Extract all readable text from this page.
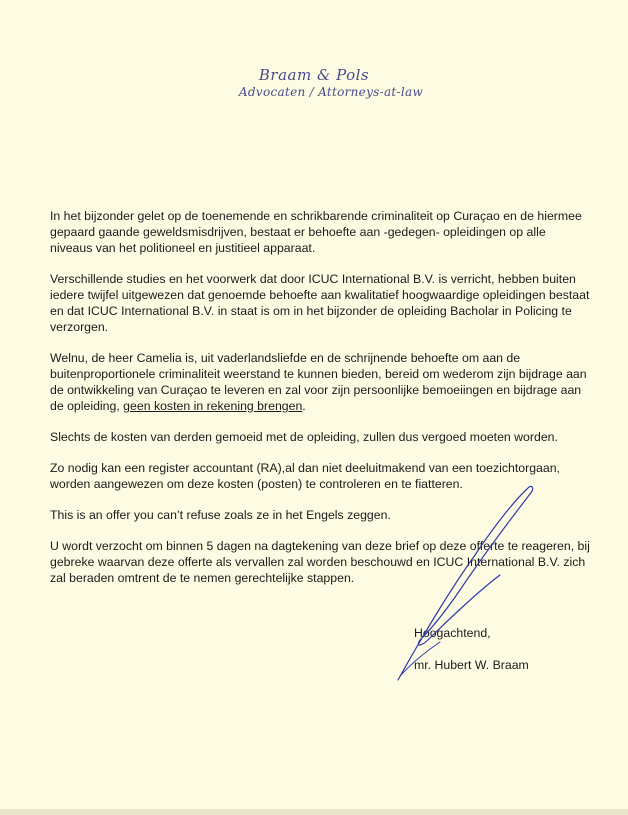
Braam & Pols
Advocaten / Attorneys-at-law

In het bijzonder gelet op de toenemende en schrikbarende criminaliteit op Curaçao en de hiermee gepaard gaande geweldsmisdrijven, bestaat er behoefte aan -gedegen- opleidingen op alle niveaus van het politioneel en justitieel apparaat.

Verschillende studies en het voorwerk dat door ICUC International B.V. is verricht, hebben buiten iedere twijfel uitgewezen dat genoemde behoefte aan kwalitatief hoogwaardige opleidingen bestaat en dat ICUC International B.V. in staat is om in het bijzonder de opleiding Bacholar in Policing te verzorgen.

Welnu, de heer Camelia is, uit vaderlandsliefde en de schrijnende behoefte om aan de buitenproportionele criminaliteit weerstand te kunnen bieden, bereid om wederom zijn bijdrage aan de ontwikkeling van Curaçao te leveren en zal voor zijn persoonlijke bemoeiingen en bijdrage aan de opleiding, geen kosten in rekening brengen.

Slechts de kosten van derden gemoeid met de opleiding, zullen dus vergoed moeten worden.

Zo nodig kan een register accountant (RA),al dan niet deeluitmakend van een toezichtorgaan, worden aangewezen om deze kosten (posten) te controleren en te fiatteren.

This is an offer you can’t refuse zoals ze in het Engels zeggen.

U wordt verzocht om binnen 5 dagen na dagtekening van deze brief op deze offerte te reageren, bij gebreke waarvan deze offerte als vervallen zal worden beschouwd en ICUC International B.V. zich zal beraden omtrent de te nemen gerechtelijke stappen.

Hoogachtend,
mr. Hubert W. Braam
